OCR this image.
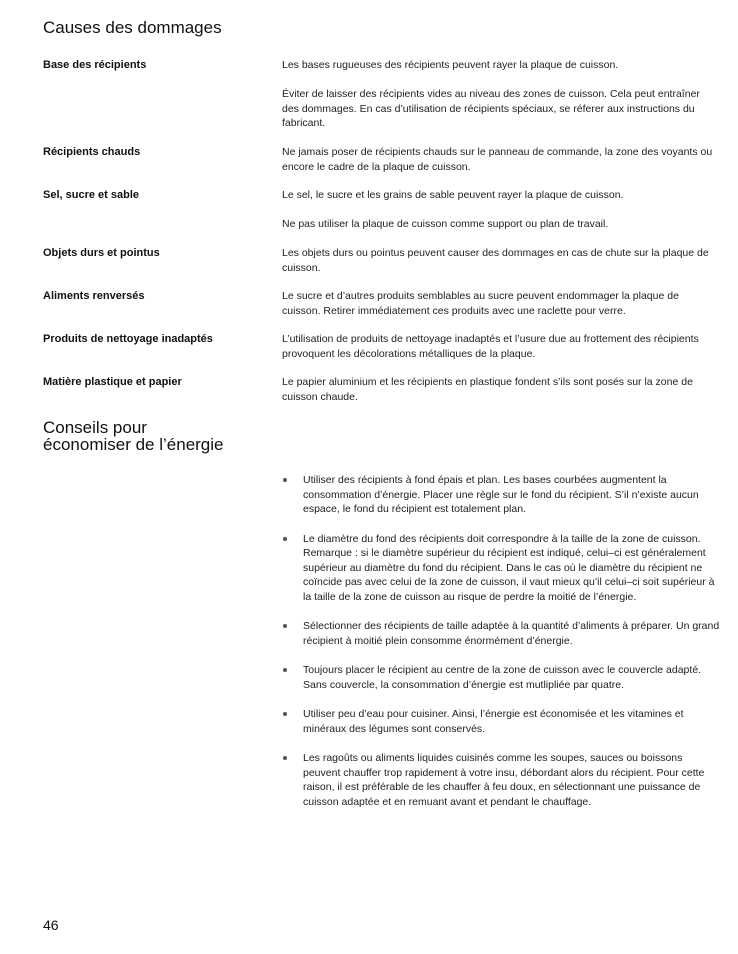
Causes des dommages
Base des récipients
Récipients chauds
Sel, sucre et sable
Objets durs et pointus
Aliments renversés
Produits de nettoyage inadaptés
Matière plastique et papier

Les bases rugueuses des récipients peuvent rayer la plaque de cuisson.

Éviter de laisser des récipients vides au niveau des zones de cuisson. Cela peut entraîner des dommages. En cas d’utilisation de récipients spéciaux, se réferer aux instructions du fabricant.

Ne jamais poser de récipients chauds sur le panneau de commande, la zone des voyants ou encore le cadre de la plaque de cuisson.

Le sel, le sucre et les grains de sable peuvent rayer la plaque de cuisson.

Ne pas utiliser la plaque de cuisson comme support ou plan de travail.

Les objets durs ou pointus peuvent causer des dommages en cas de chute sur la plaque de cuisson.

Le sucre et d’autres produits semblables au sucre peuvent endommager la plaque de cuisson. Retirer immédiatement ces produits avec une raclette pour verre.

L’utilisation de produits de nettoyage inadaptés et l’usure due au frottement des récipients provoquent les décolorations métalliques de la plaque.

Le papier aluminium et les récipients en plastique fondent s’ils sont posés sur la zone de cuisson chaude.

Conseils pour
économiser de l’énergie
Utiliser des récipients à fond épais et plan. Les bases courbées augmentent la consommation d’énergie. Placer une règle sur le fond du récipient. S’il n’existe aucun espace, le fond du récipient est totalement plan.
Le diamètre du fond des récipients doit correspondre à la taille de la zone de cuisson. Remarque : si le diamètre supérieur du récipient est indiqué, celui–ci est généralement supérieur au diamètre du fond du récipient. Dans le cas où le diamètre du récipient ne coïncide pas avec celui de la zone de cuisson, il vaut mieux qu’il celui–ci soit supérieur à la taille de la zone de cuisson au risque de perdre la moitié de l’énergie.
Sélectionner des récipients de taille adaptée à la quantité d’aliments à préparer. Un grand récipient à moitié plein consomme énormément d’énergie.
Toujours placer le récipient au centre de la zone de cuisson avec le couvercle adapté. Sans couvercle, la consommation d’énergie est mutlipliée par quatre.
Utiliser peu d’eau pour cuisiner. Ainsi, l’énergie est économisée et les vitamines et minéraux des légumes sont conservés.
Les ragoûts ou aliments liquides cuisinés comme les soupes, sauces ou boissons peuvent chauffer trop rapidement à votre insu, débordant alors du récipient. Pour cette raison, il est préférable de les chauffer à feu doux, en sélectionnant une puissance de cuisson adaptée et en remuant avant et pendant le chauffage.
46
